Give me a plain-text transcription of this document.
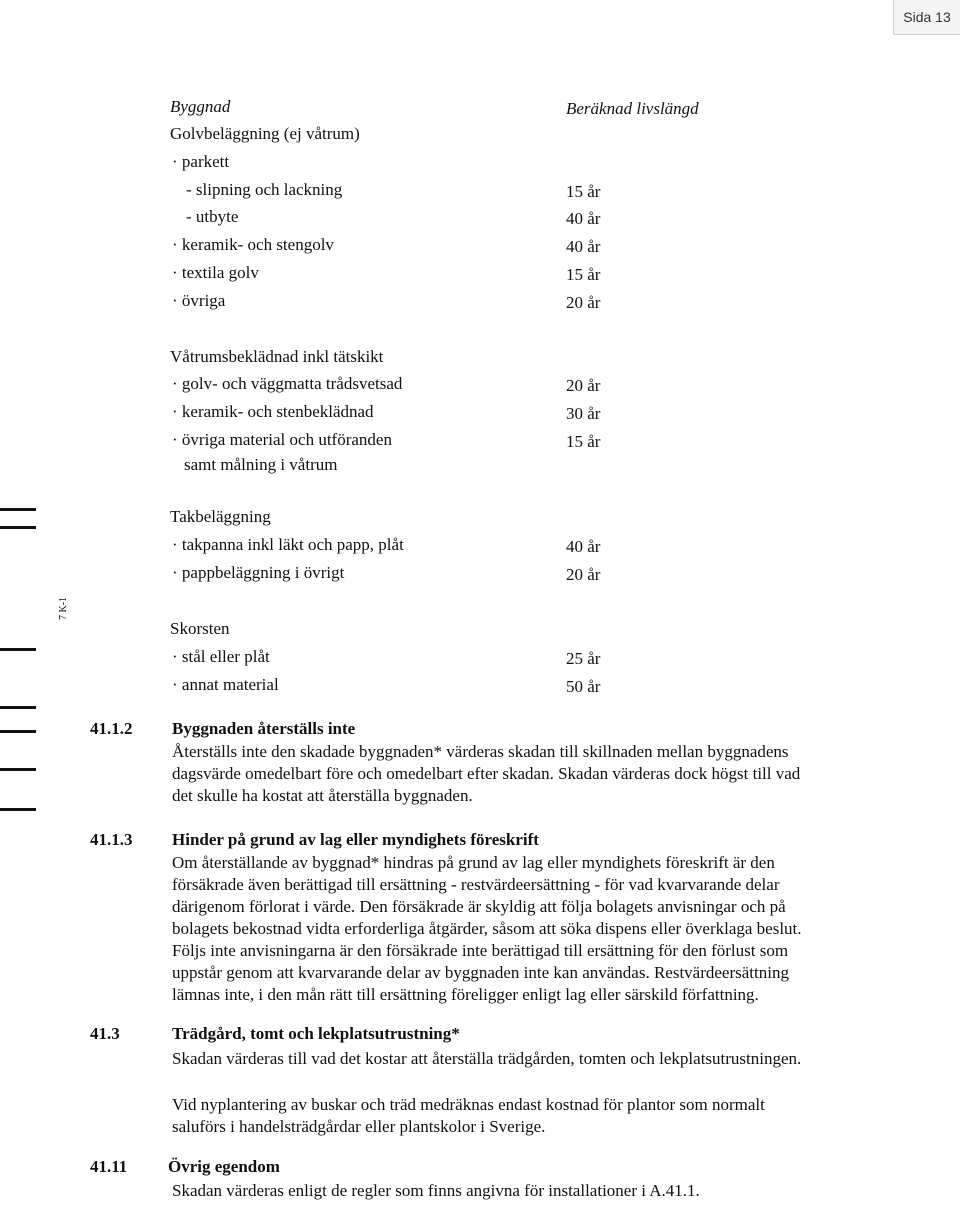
Sida 13
7 K-1
Byggnad	Beräknad livslängd
Golvbeläggning (ej våtrum)
· parkett
- slipning och lackning	15 år
- utbyte	40 år
· keramik- och stengolv	40 år
· textila golv	15 år
· övriga	20 år
Våtrumsbeklädnad inkl tätskikt
· golv- och väggmatta trådsvetsad	20 år
· keramik- och stenbeklädnad	30 år
· övriga material och utföranden	15 år
samt målning i våtrum
Takbeläggning
· takpanna inkl läkt och papp, plåt	40 år
· pappbeläggning i övrigt	20 år
Skorsten
· stål eller plåt	25 år
· annat material	50 år
41.1.2 Byggnaden återställs inte

Återställs inte den skadade byggnaden* värderas skadan till skillnaden mellan byggnadens

dagsvärde omedelbart före och omedelbart efter skadan. Skadan värderas dock högst till vad

det skulle ha kostat att återställa byggnaden.

41.1.3 Hinder på grund av lag eller myndighets föreskrift

Om återställande av byggnad* hindras på grund av lag eller myndighets föreskrift är den

försäkrade även berättigad till ersättning - restvärdeersättning - för vad kvarvarande delar

därigenom förlorat i värde. Den försäkrade är skyldig att följa bolagets anvisningar och på

bolagets bekostnad vidta erforderliga åtgärder, såsom att söka dispens eller överklaga beslut.

Följs inte anvisningarna är den försäkrade inte berättigad till ersättning för den förlust som

uppstår genom att kvarvarande delar av byggnaden inte kan användas. Restvärdeersättning

lämnas inte, i den mån rätt till ersättning föreligger enligt lag eller särskild författning.

41.3	Trädgård, tomt och lekplatsutrustning*

Skadan värderas till vad det kostar att återställa trädgården, tomten och lekplatsutrustningen.

Vid nyplantering av buskar och träd medräknas endast kostnad för plantor som normalt

saluförs i handelsträdgårdar eller plantskolor i Sverige.

41.11 Övrig egendom

Skadan värderas enligt de regler som finns angivna för installationer i A.41.1.
